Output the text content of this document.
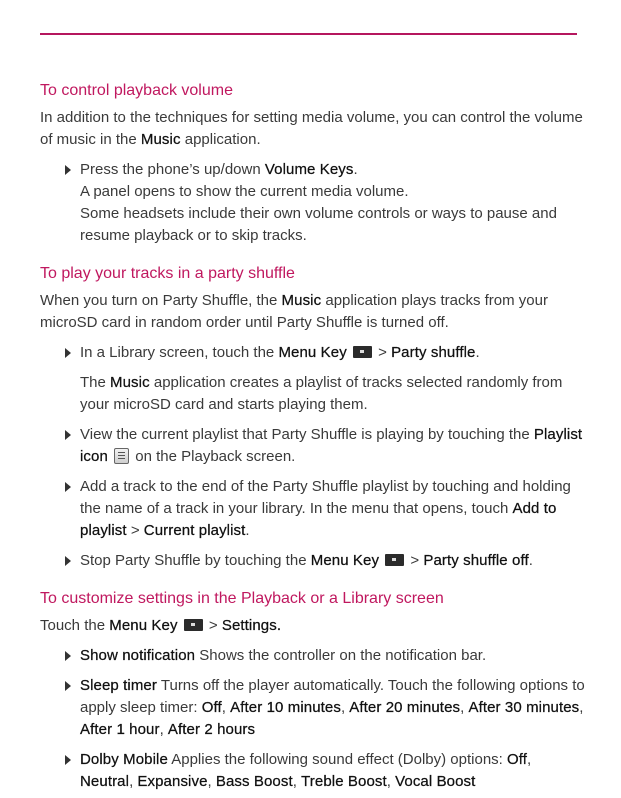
To control playback volume

In addition to the techniques for setting media volume, you can control the volume of music in the Music application.

Press the phone’s up/down Volume Keys.
A panel opens to show the current media volume.
Some headsets include their own volume controls or ways to pause and resume playback or to skip tracks.
To play your tracks in a party shuffle

When you turn on Party Shuffle, the Music application plays tracks from your microSD card in random order until Party Shuffle is turned off.

In a Library screen, touch the Menu Key  > Party shuffle.

The Music application creates a playlist of tracks selected randomly from your microSD card and starts playing them.

View the current playlist that Party Shuffle is playing by touching the Playlist icon  on the Playback screen.
Add a track to the end of the Party Shuffle playlist by touching and holding the name of a track in your library. In the menu that opens, touch Add to playlist > Current playlist.
Stop Party Shuffle by touching the Menu Key  > Party shuffle off.
To customize settings in the Playback or a Library screen

Touch the Menu Key  > Settings.

Show notification Shows the controller on the notification bar.
Sleep timer Turns off the player automatically. Touch the following options to apply sleep timer: Off, After 10 minutes, After 20 minutes, After 30 minutes, After 1 hour, After 2 hours
Dolby Mobile Applies the following sound effect (Dolby) options: Off, Neutral, Expansive, Bass Boost, Treble Boost, Vocal Boost
